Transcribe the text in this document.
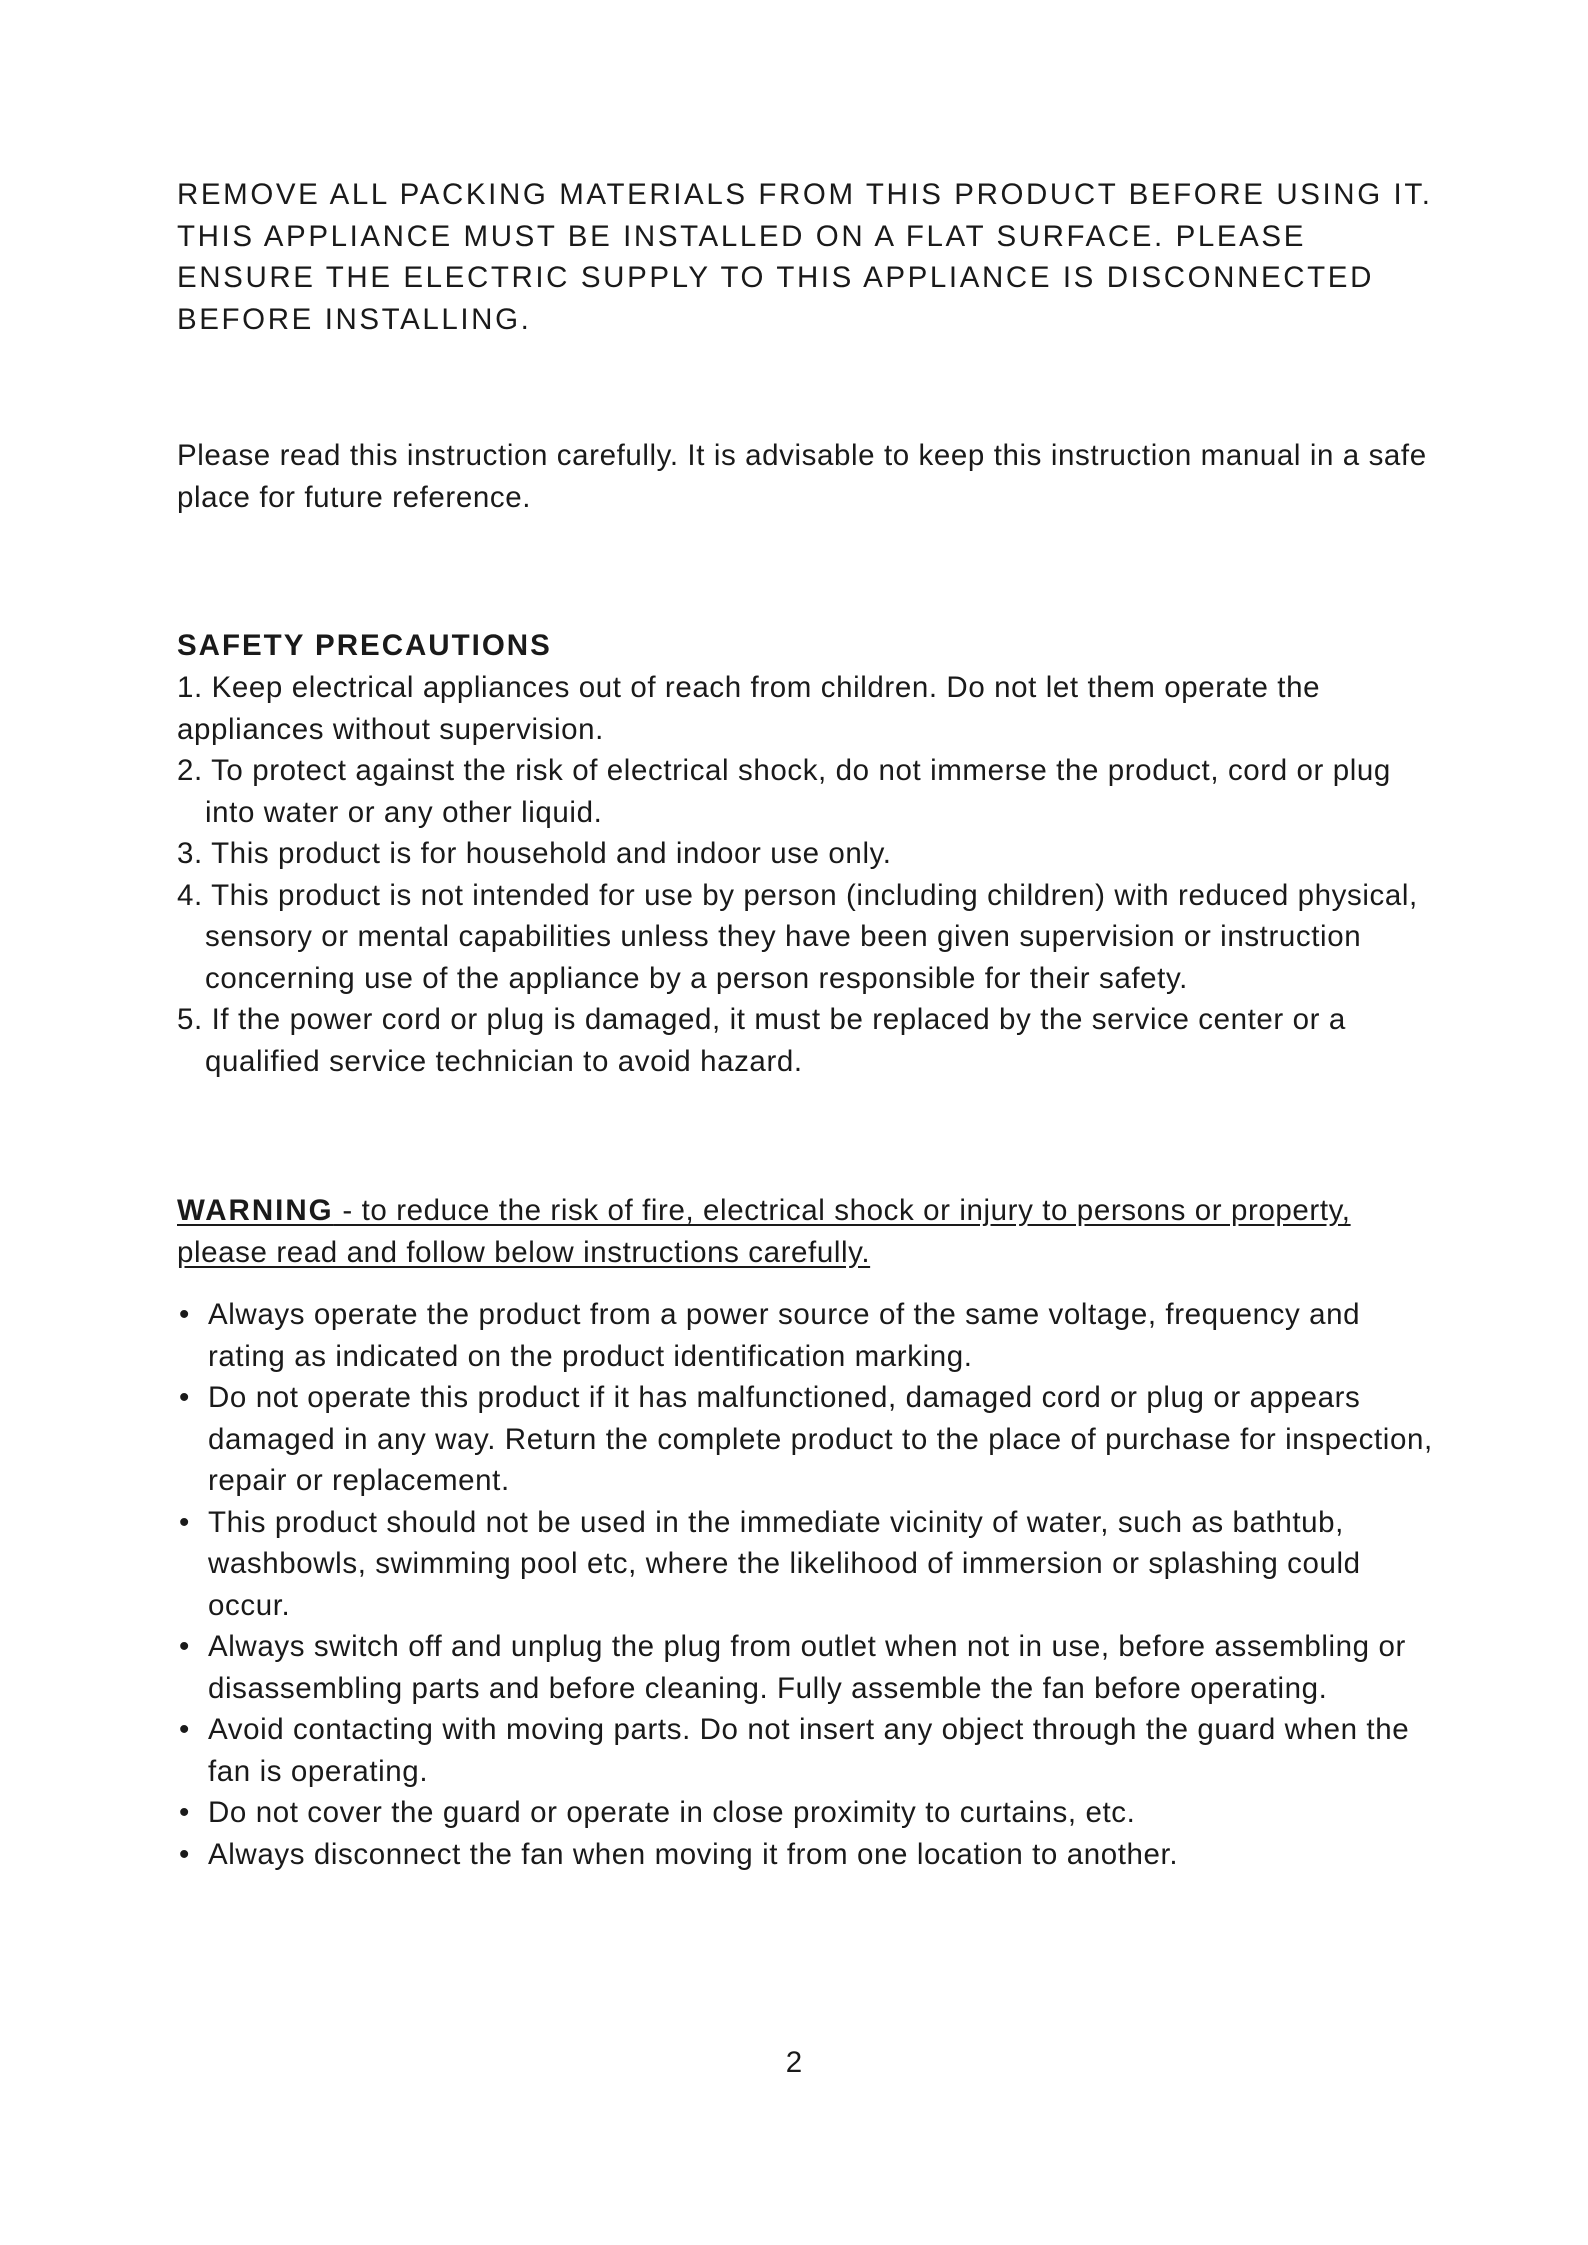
REMOVE ALL PACKING MATERIALS FROM THIS PRODUCT BEFORE USING IT.

THIS APPLIANCE MUST BE INSTALLED ON A FLAT SURFACE. PLEASE ENSURE THE ELECTRIC SUPPLY TO THIS APPLIANCE IS DISCONNECTED BEFORE INSTALLING.

Please read this instruction carefully. It is advisable to keep this instruction manual in a safe place for future reference.

SAFETY PRECAUTIONS
1. Keep electrical appliances out of reach from children. Do not let them operate the appliances without supervision.
2. To protect against the risk of electrical shock, do not immerse the product, cord or plug into water or any other liquid.
3. This product is for household and indoor use only.
4. This product is not intended for use by person (including children) with reduced physical, sensory or mental capabilities unless they have been given supervision or instruction concerning use of the appliance by a person responsible for their safety.
5. If the power cord or plug is damaged, it must be replaced by the service center or a qualified service technician to avoid hazard.

WARNING - to reduce the risk of fire, electrical shock or injury to persons or property, please read and follow below instructions carefully.

• Always operate the product from a power source of the same voltage, frequency and rating as indicated on the product identification marking.
• Do not operate this product if it has malfunctioned, damaged cord or plug or appears damaged in any way. Return the complete product to the place of purchase for inspection, repair or replacement.
• This product should not be used in the immediate vicinity of water, such as bathtub, washbowls, swimming pool etc, where the likelihood of immersion or splashing could occur.
• Always switch off and unplug the plug from outlet when not in use, before assembling or disassembling parts and before cleaning. Fully assemble the fan before operating.
• Avoid contacting with moving parts. Do not insert any object through the guard when the fan is operating.
• Do not cover the guard or operate in close proximity to curtains, etc.
• Always disconnect the fan when moving it from one location to another.
2
